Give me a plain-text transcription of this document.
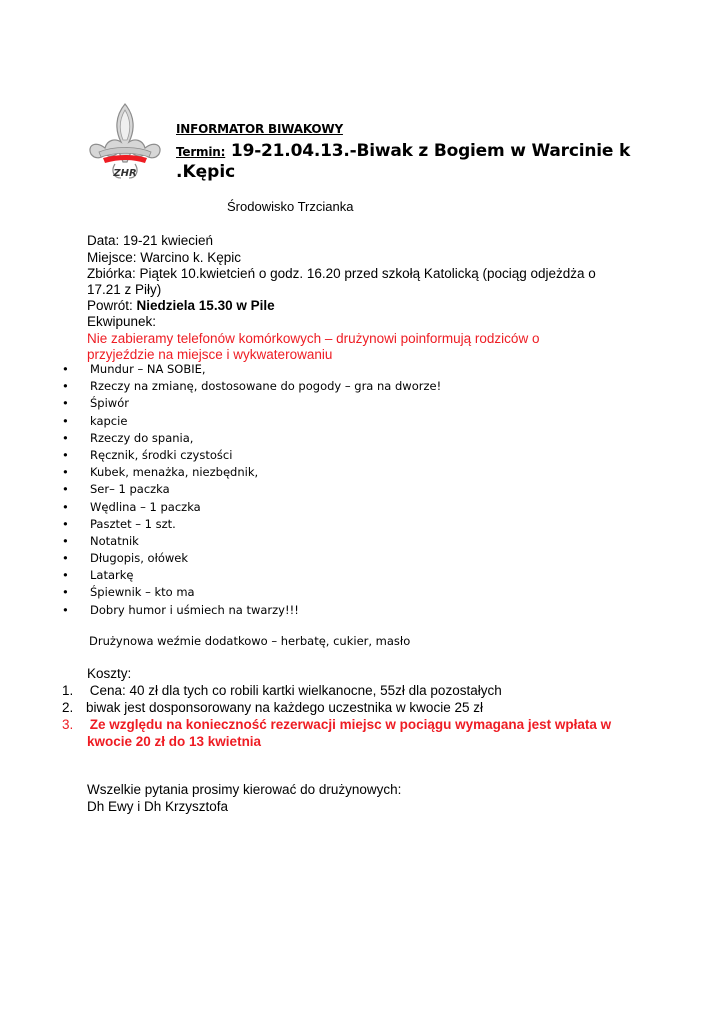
ZHR
INFORMATOR BIWAKOWY
Termin: 19-21.04.13.-Biwak z Bogiem w Warcinie k
.Kępic
Środowisko Trzcianka
Data: 19-21 kwiecień
Miejsce: Warcino k. Kępic
Zbiórka: Piątek 10.kwietcień o godz. 16.20 przed szkołą Katolicką (pociąg odjeżdża o
17.21 z Piły)
Powrót: Niedziela 15.30 w Pile
Ekwipunek:
Nie zabieramy telefonów komórkowych – drużynowi poinformują rodziców o
przyjeździe na miejsce i wykwaterowaniu
• Mundur – NA SOBIE,
• Rzeczy na zmianę, dostosowane do pogody – gra na dworze!
• Śpiwór
• kapcie
• Rzeczy do spania,
• Ręcznik, środki czystości
• Kubek, menażka, niezbędnik,
• Ser– 1 paczka
• Wędlina – 1 paczka
• Pasztet – 1 szt.
• Notatnik
• Długopis, ołówek
• Latarkę
• Śpiewnik – kto ma
• Dobry humor i uśmiech na twarzy!!!
Drużynowa weźmie dodatkowo – herbatę, cukier, masło
Koszty:
1. Cena: 40 zł dla tych co robili kartki wielkanocne, 55zł dla pozostałych
2. biwak jest dosponsorowany na każdego uczestnika w kwocie 25 zł
3. Ze względu na konieczność rezerwacji miejsc w pociągu wymagana jest wpłata w
kwocie 20 zł do 13 kwietnia
Wszelkie pytania prosimy kierować do drużynowych:
Dh Ewy i Dh Krzysztofa
